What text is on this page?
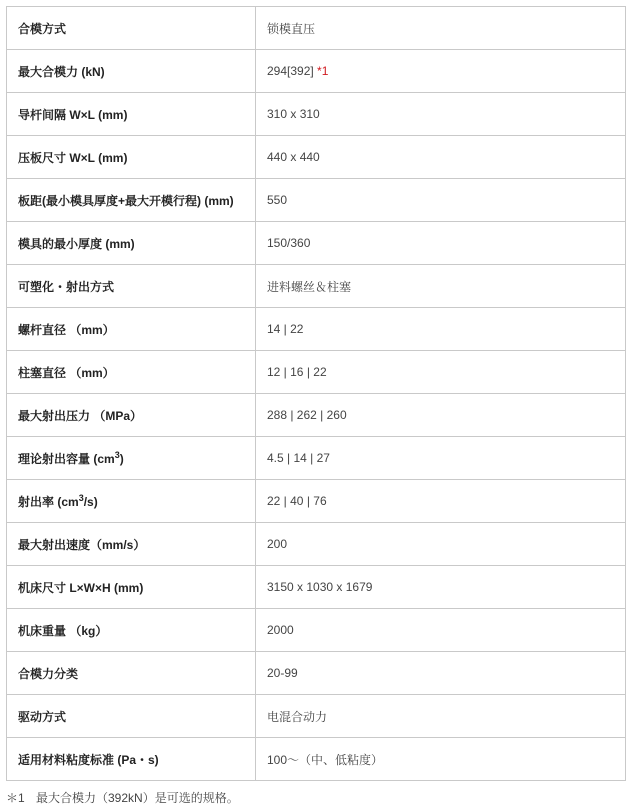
合模方式	锁模直压
最大合模力 (kN)	294[392] *1
导杆间隔 W×L (mm)	310 x 310
压板尺寸 W×L (mm)	440 x 440
板距(最小模具厚度+最大开模行程) (mm)	550
模具的最小厚度 (mm)	150/360
可塑化・射出方式	进料螺丝＆柱塞
螺杆直径 （mm）	14 | 22
柱塞直径 （mm）	12 | 16 | 22
最大射出压力 （MPa）	288 | 262 | 260
理论射出容量 $(cm^3)$	4.5 | 14 | 27
射出率 $(cm^3/s)$	22 | 40 | 76
最大射出速度（mm/s）	200
机床尺寸 L×W×H (mm)	3150 x 1030 x 1679
机床重量 （kg）	2000
合模力分类	20-99
驱动方式	电混合动力
适用材料粘度标准 (Pa・s)	100～（中、低粘度）
＊1 最大合模力（392kN）是可选的规格。
